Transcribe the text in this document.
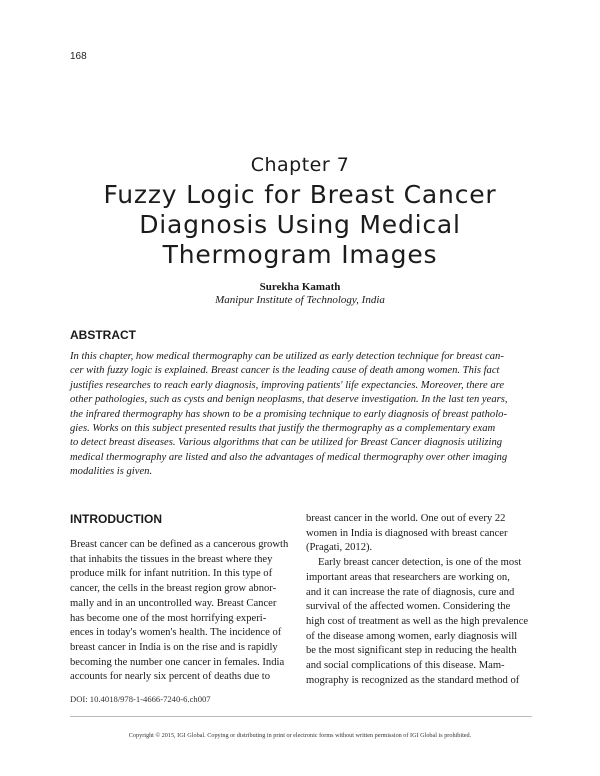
168
Chapter 7
Fuzzy Logic for Breast Cancer
Diagnosis Using Medical
Thermogram Images
Surekha Kamath
Manipur Institute of Technology, India
ABSTRACT
In this chapter, how medical thermography can be utilized as early detection technique for breast can-
cer with fuzzy logic is explained. Breast cancer is the leading cause of death among women. This fact
justifies researches to reach early diagnosis, improving patients' life expectancies. Moreover, there are
other pathologies, such as cysts and benign neoplasms, that deserve investigation. In the last ten years,
the infrared thermography has shown to be a promising technique to early diagnosis of breast patholo-
gies. Works on this subject presented results that justify the thermography as a complementary exam
to detect breast diseases. Various algorithms that can be utilized for Breast Cancer diagnosis utilizing
medical thermography are listed and also the advantages of medical thermography over other imaging
modalities is given.
INTRODUCTION
Breast cancer can be defined as a cancerous growth
that inhabits the tissues in the breast where they
produce milk for infant nutrition. In this type of
cancer, the cells in the breast region grow abnor-
mally and in an uncontrolled way. Breast Cancer
has become one of the most horrifying experi-
ences in today's women's health. The incidence of
breast cancer in India is on the rise and is rapidly
becoming the number one cancer in females. India
accounts for nearly six percent of deaths due to
breast cancer in the world. One out of every 22
women in India is diagnosed with breast cancer
(Pragati, 2012).
Early breast cancer detection, is one of the most
important areas that researchers are working on,
and it can increase the rate of diagnosis, cure and
survival of the affected women. Considering the
high cost of treatment as well as the high prevalence
of the disease among women, early diagnosis will
be the most significant step in reducing the health
and social complications of this disease. Mam-
mography is recognized as the standard method of
DOI: 10.4018/978-1-4666-7240-6.ch007
Copyright © 2015, IGI Global. Copying or distributing in print or electronic forms without written permission of IGI Global is prohibited.
